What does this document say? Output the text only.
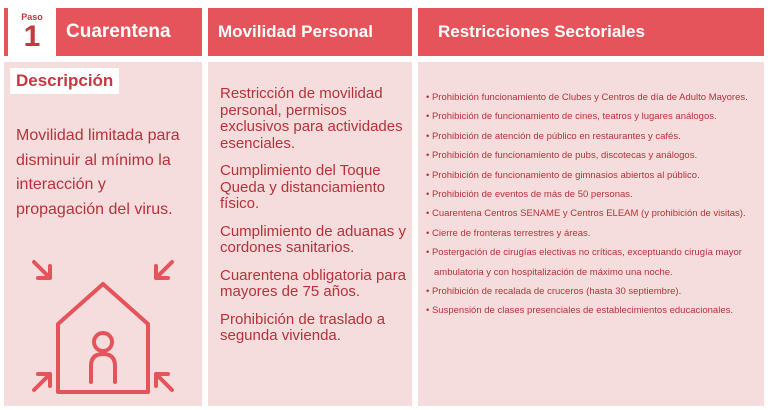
Paso
1 Cuarentena
Descripción
Movilidad limitada para disminuir al mínimo la interacción y propagación del virus.
Movilidad Personal

Restricción de movilidad personal, permisos exclusivos para actividades esenciales.

Cumplimiento del Toque Queda y distanciamiento físico.

Cumplimiento de aduanas y cordones sanitarios.

Cuarentena obligatoria para mayores de 75 años.

Prohibición de traslado a segunda vivienda.

Restricciones Sectoriales
• Prohibición funcionamiento de Clubes y Centros de día de Adulto Mayores.
• Prohibición de funcionamiento de cines, teatros y lugares análogos.
• Prohibición de atención de público en restaurantes y cafés.
• Prohibición de funcionamiento de pubs, discotecas y análogos.
• Prohibición de funcionamiento de gimnasios abiertos al público.
• Prohibición de eventos de más de 50 personas.
• Cuarentena Centros SENAME y Centros ELEAM (y prohibición de visitas).
• Cierre de fronteras terrestres y áreas.
• Postergación de cirugías electivas no críticas, exceptuando cirugía mayor ambulatoria y con hospitalización de máximo una noche.
• Prohibición de recalada de cruceros (hasta 30 septiembre).
• Suspensión de clases presenciales de establecimientos educacionales.
